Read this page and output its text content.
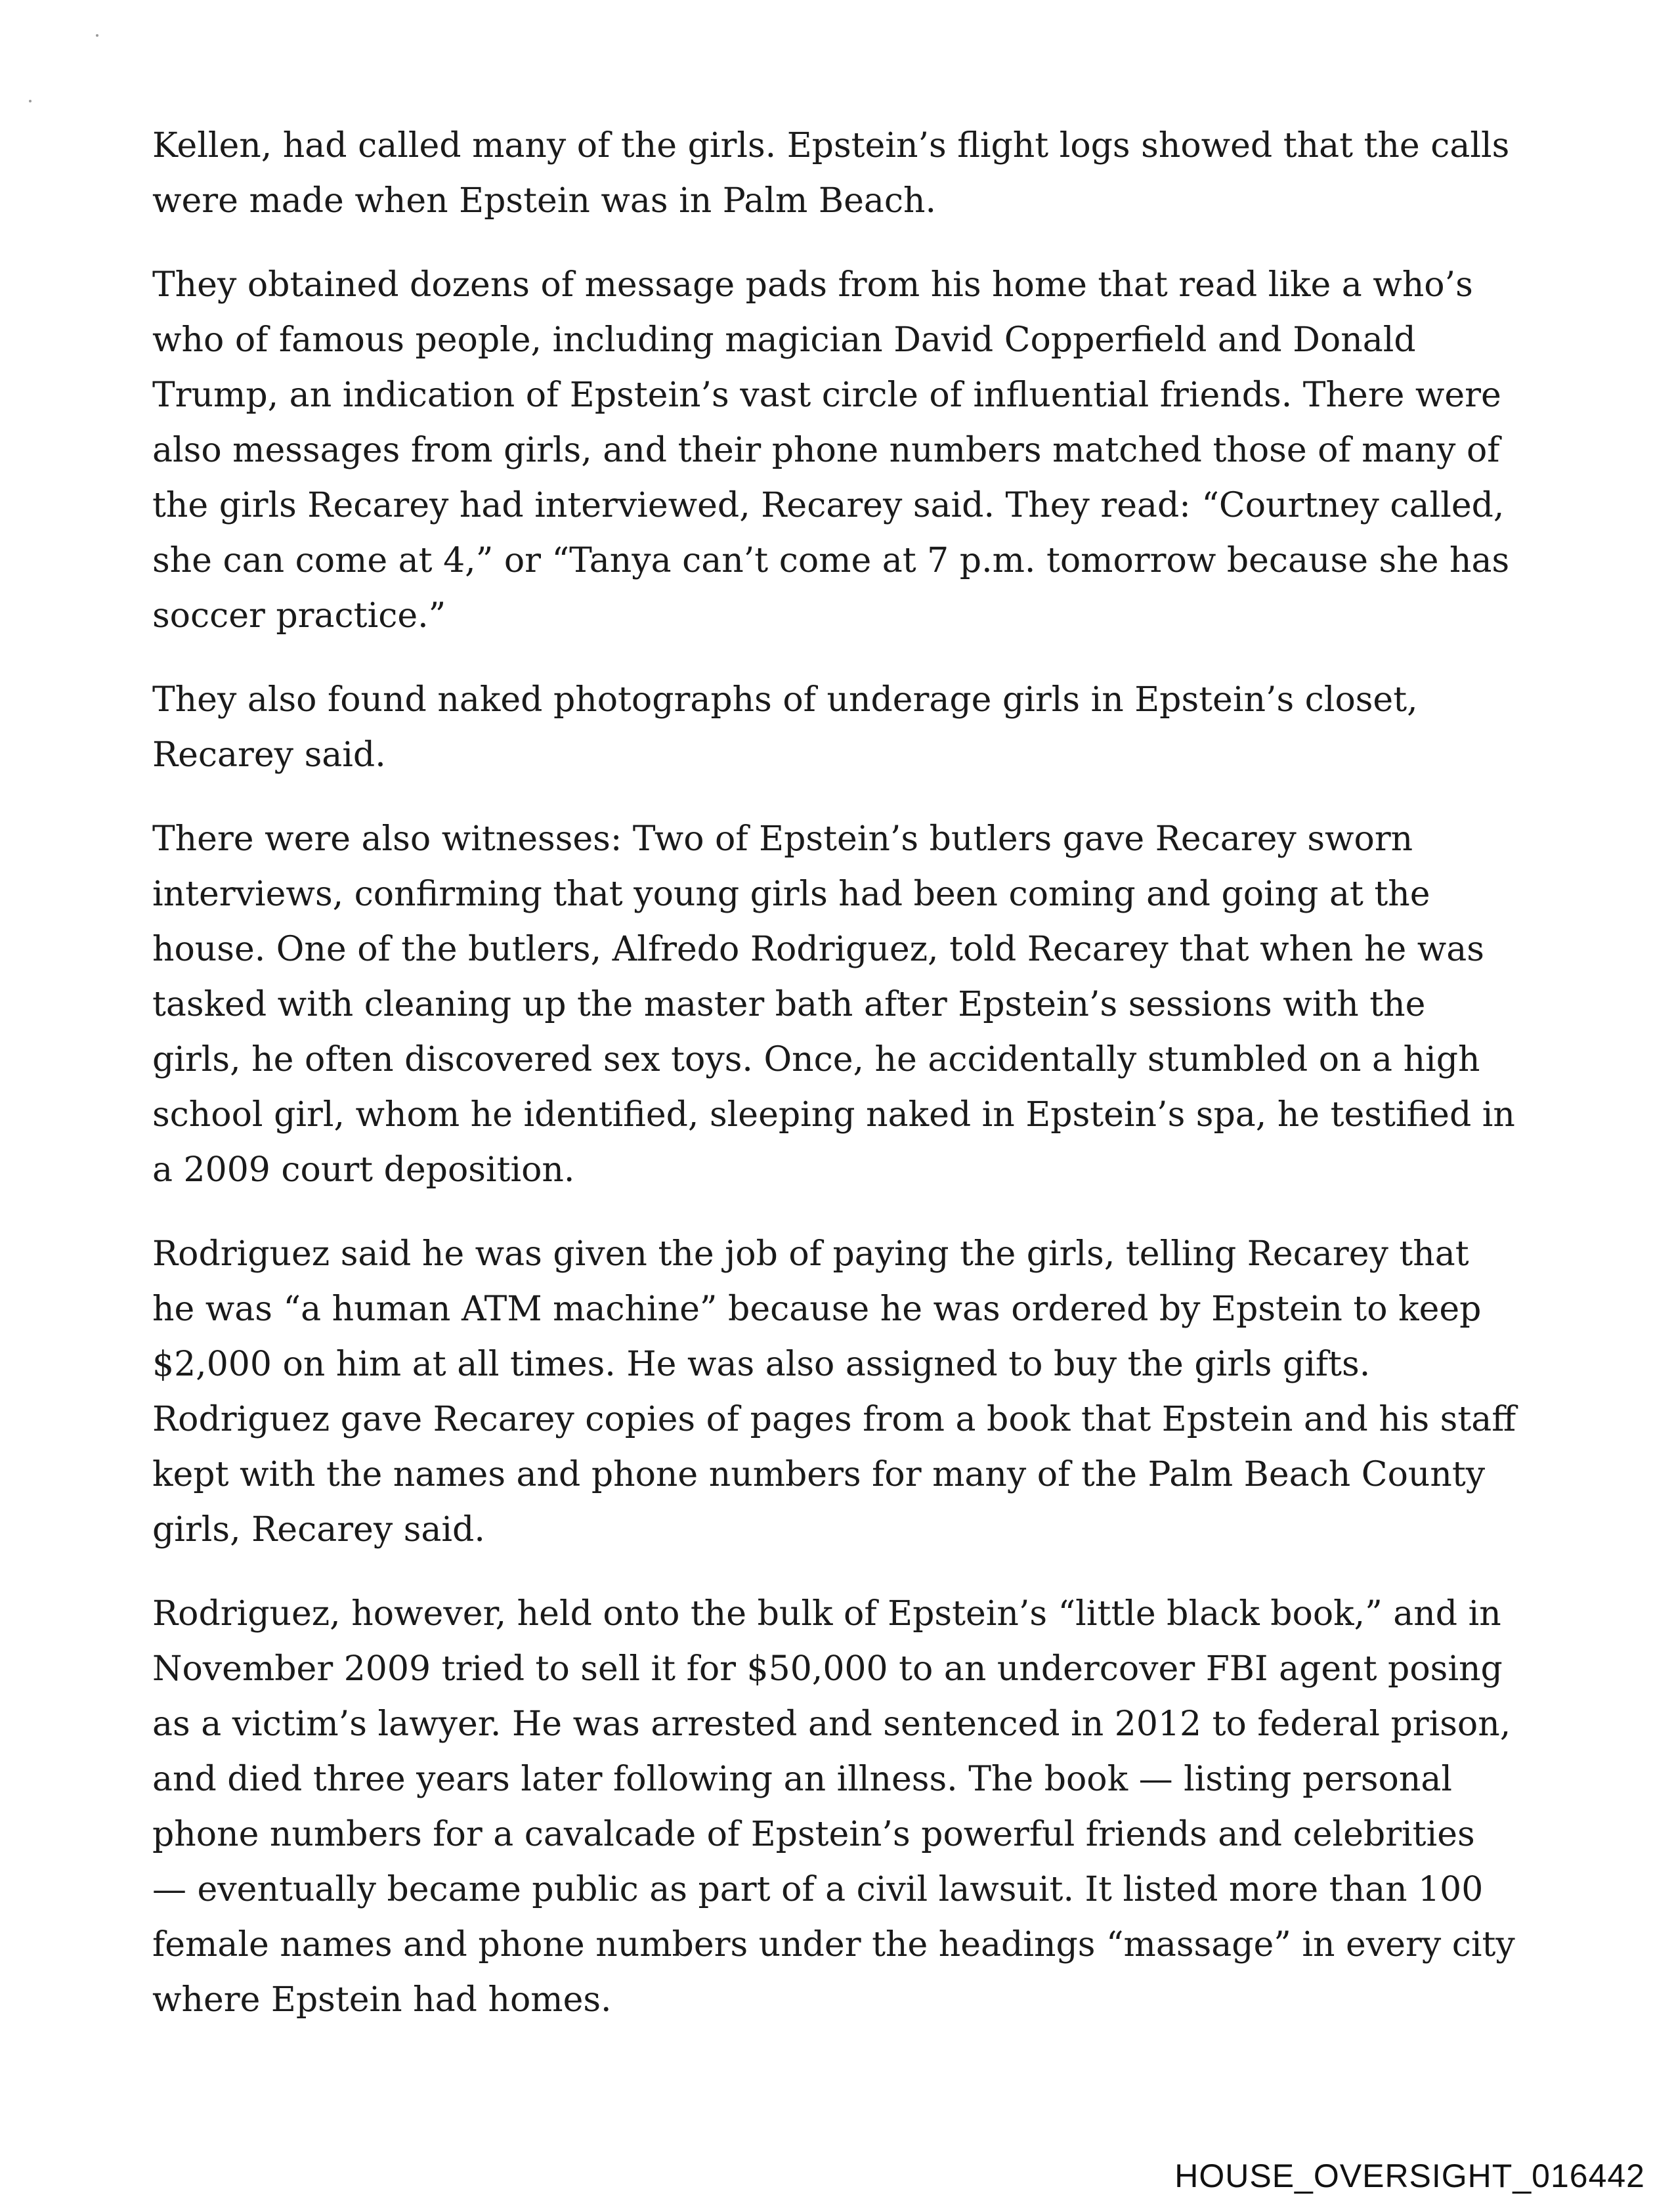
Kellen, had called many of the girls. Epstein’s flight logs showed that the calls were made when Epstein was in Palm Beach.

They obtained dozens of message pads from his home that read like a who’s who of famous people, including magician David Copperfield and Donald Trump, an indication of Epstein’s vast circle of influential friends. There were also messages from girls, and their phone numbers matched those of many of the girls Recarey had interviewed, Recarey said. They read: “Courtney called, she can come at 4,” or “Tanya can’t come at 7 p.m. tomorrow because she has soccer practice.”

They also found naked photographs of underage girls in Epstein’s closet, Recarey said.

There were also witnesses: Two of Epstein’s butlers gave Recarey sworn interviews, confirming that young girls had been coming and going at the house. One of the butlers, Alfredo Rodriguez, told Recarey that when he was tasked with cleaning up the master bath after Epstein’s sessions with the girls, he often discovered sex toys. Once, he accidentally stumbled on a high school girl, whom he identified, sleeping naked in Epstein’s spa, he testified in a 2009 court deposition.

Rodriguez said he was given the job of paying the girls, telling Recarey that he was “a human ATM machine” because he was ordered by Epstein to keep $2,000 on him at all times. He was also assigned to buy the girls gifts. Rodriguez gave Recarey copies of pages from a book that Epstein and his staff kept with the names and phone numbers for many of the Palm Beach County girls, Recarey said.

Rodriguez, however, held onto the bulk of Epstein’s “little black book,” and in November 2009 tried to sell it for $50,000 to an undercover FBI agent posing as a victim’s lawyer. He was arrested and sentenced in 2012 to federal prison, and died three years later following an illness. The book — listing personal phone numbers for a cavalcade of Epstein’s powerful friends and celebrities — eventually became public as part of a civil lawsuit. It listed more than 100 female names and phone numbers under the headings “massage” in every city where Epstein had homes.

HOUSE_OVERSIGHT_016442
